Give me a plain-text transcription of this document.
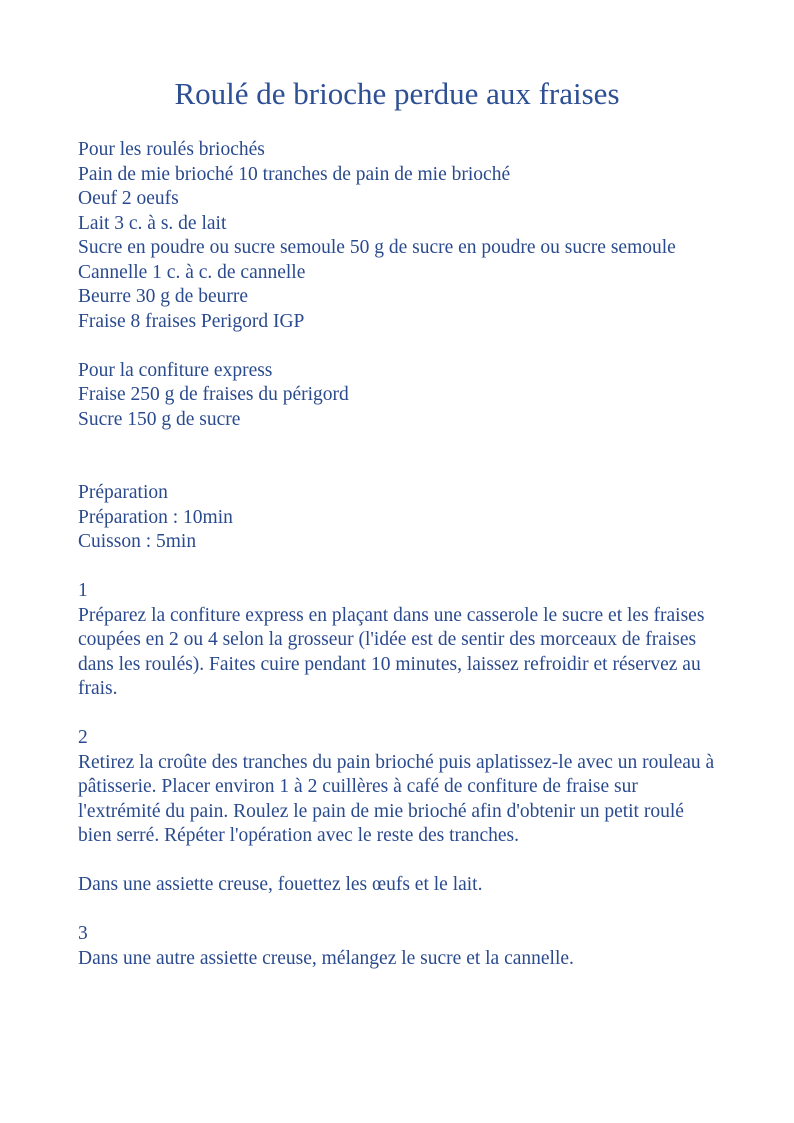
Roulé de brioche perdue aux fraises
Pour les roulés briochés
Pain de mie brioché 10 tranches de pain de mie brioché
Oeuf 2 oeufs
Lait 3 c. à s. de lait
Sucre en poudre ou sucre semoule 50 g de sucre en poudre ou sucre semoule
Cannelle 1 c. à c. de cannelle
Beurre 30 g de beurre
Fraise 8 fraises Perigord IGP
Pour la confiture express
Fraise 250 g de fraises du périgord
Sucre 150 g de sucre
Préparation
Préparation : 10min
Cuisson : 5min
1
Préparez la confiture express en plaçant dans une casserole le sucre et les fraises coupées en 2 ou 4 selon la grosseur (l'idée est de sentir des morceaux de fraises dans les roulés). Faites cuire pendant 10 minutes, laissez refroidir et réservez au frais.
2
Retirez la croûte des tranches du pain brioché puis aplatissez-le avec un rouleau à pâtisserie. Placer environ 1 à 2 cuillères à café de confiture de fraise sur l'extrémité du pain. Roulez le pain de mie brioché afin d'obtenir un petit roulé bien serré. Répéter l'opération avec le reste des tranches.
Dans une assiette creuse, fouettez les œufs et le lait.
3
Dans une autre assiette creuse, mélangez le sucre et la cannelle.
